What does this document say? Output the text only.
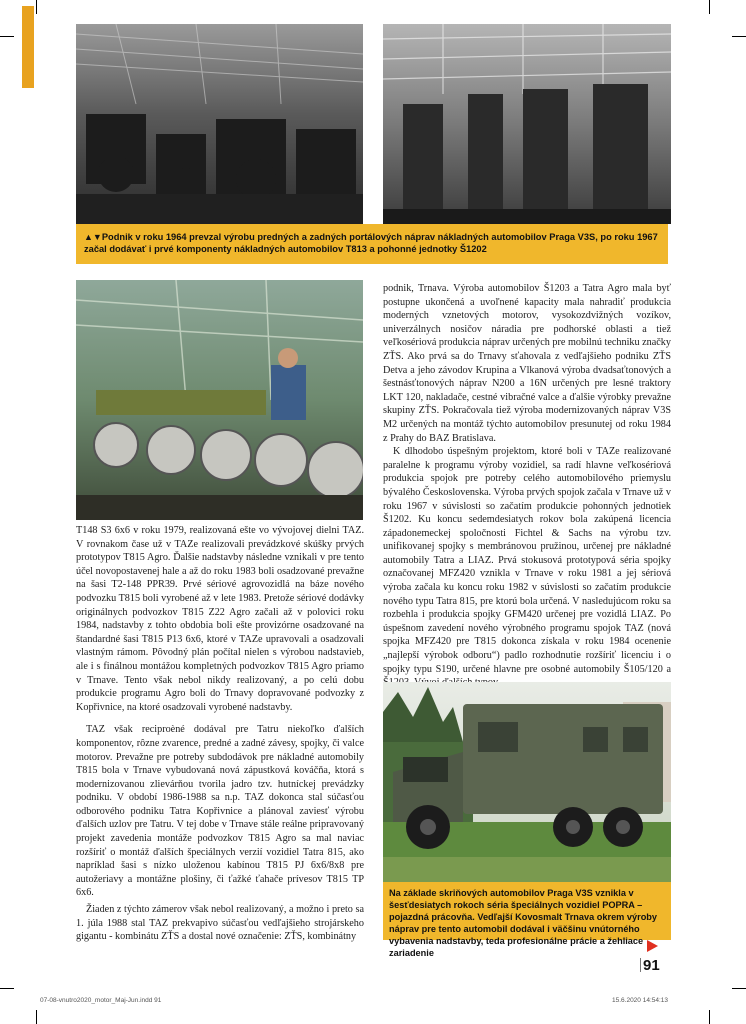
▲▼Podnik v roku 1964 prevzal výrobu predných a zadných portálových náprav nákladných automobilov Praga V3S, po roku 1967 začal dodávať i prvé komponenty nákladných automobilov T813 a pohonné jednotky Š1202

T148 S3 6x6 v roku 1979, realizovaná ešte vo vývojovej dielni TAZ. V rovnakom čase už v TAZe realizovali prevádzkové skúšky prvých prototypov T815 Agro. Ďalšie nadstavby následne vznikali v pre tento účel novopostavenej hale a až do roku 1983 boli osadzované prevažne na šasi T2-148 PPR39. Prvé sériové agrovozidlá na báze nového podvozku T815 boli vyrobené až v lete 1983. Pretože sériové dodávky originálnych podvozkov T815 Z22 Agro začali až v polovici roku 1984, nadstavby z tohto obdobia boli ešte provizórne osadzované na štandardné šasi T815 P13 6x6, ktoré v TAZe upravovali a osadzovali vlastným rámom. Pôvodný plán počítal nielen s výrobou nadstavieb, ale i s finálnou montážou kompletných podvozkov T815 Agro priamo v Trnave. Tento však nebol nikdy realizovaný, a po celú dobu produkcie programu Agro boli do Trnavy dopravované podvozky z Kopřivnice, na ktoré osadzovali vyrobené nadstavby.

TAZ však reciproèné dodával pre Tatru niekoľko ďalších komponentov, rôzne zvarence, predné a zadné závesy, spojky, či valce motorov. Prevažne pre potreby subdodávok pre nákladné automobily T815 bola v Trnave vybudovaná nová zápustková kováčňa, ktorá s modernizovanou zlievárňou tvorila jadro tzv. hutníckej prevádzky podniku. V období 1986-1988 sa n.p. TAZ dokonca stal súčasťou odborového podniku Tatra Kopřivnice a plánoval zaviesť výrobu ďalších uzlov pre Tatru. V tej dobe v Trnave stále reálne pripravovaný projekt zavedenia montáže podvozkov T815 Agro sa mal naviac rozšíriť o montáž ďalších špeciálnych verzií vozidiel Tatra 815, ako napríklad šasi s nízko uloženou kabínou T815 PJ 6x6/8x8 pre autožeriavy a montážne plošiny, či ťažké ťahače prívesov T815 TP 6x6.

Žiaden z týchto zámerov však nebol realizovaný, a možno i preto sa 1. júla 1988 stal TAZ prekvapivo súčasťou vedľajšieho strojárskeho gigantu - kombinátu ZŤS a dostal nové označenie: ZŤS, kombinátny

podnik, Trnava. Výroba automobilov Š1203 a Tatra Agro mala byť postupne ukončená a uvoľnené kapacity mala nahradiť produkcia moderných vznetových motorov, vysokozdvižných vozíkov, univerzálnych nosičov náradia pre podhorské oblasti a tiež veľkosériová produkcia náprav určených pre mobilnú techniku značky ZŤS. Ako prvá sa do Trnavy sťahovala z vedľajšieho podniku ZŤS Detva a jeho závodov Krupina a Vlkanová výroba dvadsaťtonových a šestnásťtonových náprav N200 a 16N určených pre lesné traktory LKT 120, nakladače, cestné vibračné valce a ďalšie výrobky prevažne skupiny ZŤS. Pokračovala tiež výroba modernizovaných náprav V3S M2 určených na montáž týchto automobilov presunutej od roku 1984 z Prahy do BAZ Bratislava.

K dlhodobo úspešným projektom, ktoré boli v TAZe realizované paralelne k programu výroby vozidiel, sa radí hlavne veľkosériová produkcia spojok pre potreby celého automobilového priemyslu bývalého Československa. Výroba prvých spojok začala v Trnave už v roku 1967 v súvislosti so začatím produkcie pohonných jednotiek Š1202. Ku koncu sedemdesiatych rokov bola zakúpená licencia západonemeckej spoločnosti Fichtel & Sachs na výrobu tzv. unifikovanej spojky s membránovou pružinou, určenej pre nákladné automobily Tatra a LIAZ. Prvá stokusová prototypová séria spojky označovanej MFZ420 vznikla v Trnave v roku 1981 a jej sériová výroba začala ku koncu roku 1982 v súvislosti so začatím produkcie nového typu Tatra 815, pre ktorú bola určená. V nasledujúcom roku sa rozbehla i produkcia spojky GFM420 určenej pre vozidlá LIAZ. Po úspešnom zavedení nového výrobného programu spojok TAZ (nová spojka MFZ420 pre T815 dokonca získala v roku 1984 ocenenie „najlepší výrobok odboru“) padlo rozhodnutie rozšíriť licenciu i o spojky typu S190, určené hlavne pre osobné automobily Š105/120 a

Na základe skriňových automobilov Praga V3S vznikla v šesťdesiatych rokoch séria špeciálnych vozidiel POPRA – pojazdná prácovňa. Vedľajší Kovosmalt Trnava okrem výroby náprav pre tento automobil dodával i väčšinu vnútorného vybavenia nadstavby, teda profesionálne prácie a žehliace zariadenie
91
07-08-vnutro2020_motor_Maj-Jun.indd 91	15.6.2020 14:54:13
